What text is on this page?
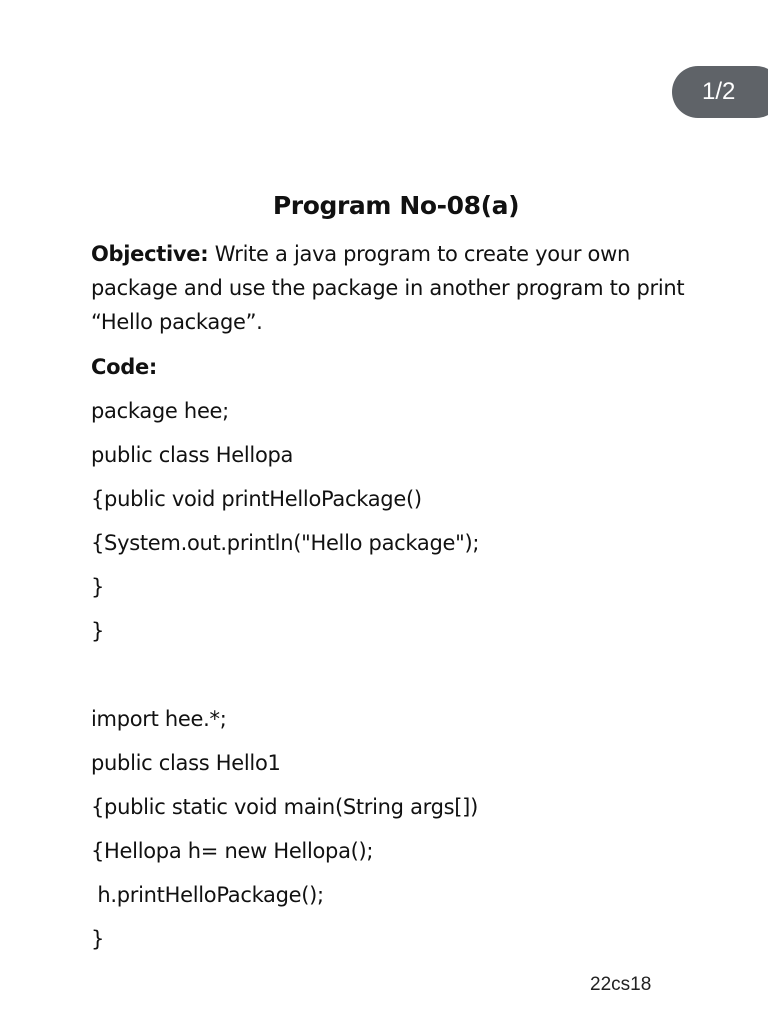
1/2
Program No-08(a)

Objective: Write a java program to create your own package and use the package in another program to print “Hello package”.

Code:
package hee;
public class Hellopa
{public void printHelloPackage()
{System.out.println("Hello package");
}
}
import hee.*;
public class Hello1
{public static void main(String args[])
{Hellopa h= new Hellopa();
h.printHelloPackage();
}
22cs18
